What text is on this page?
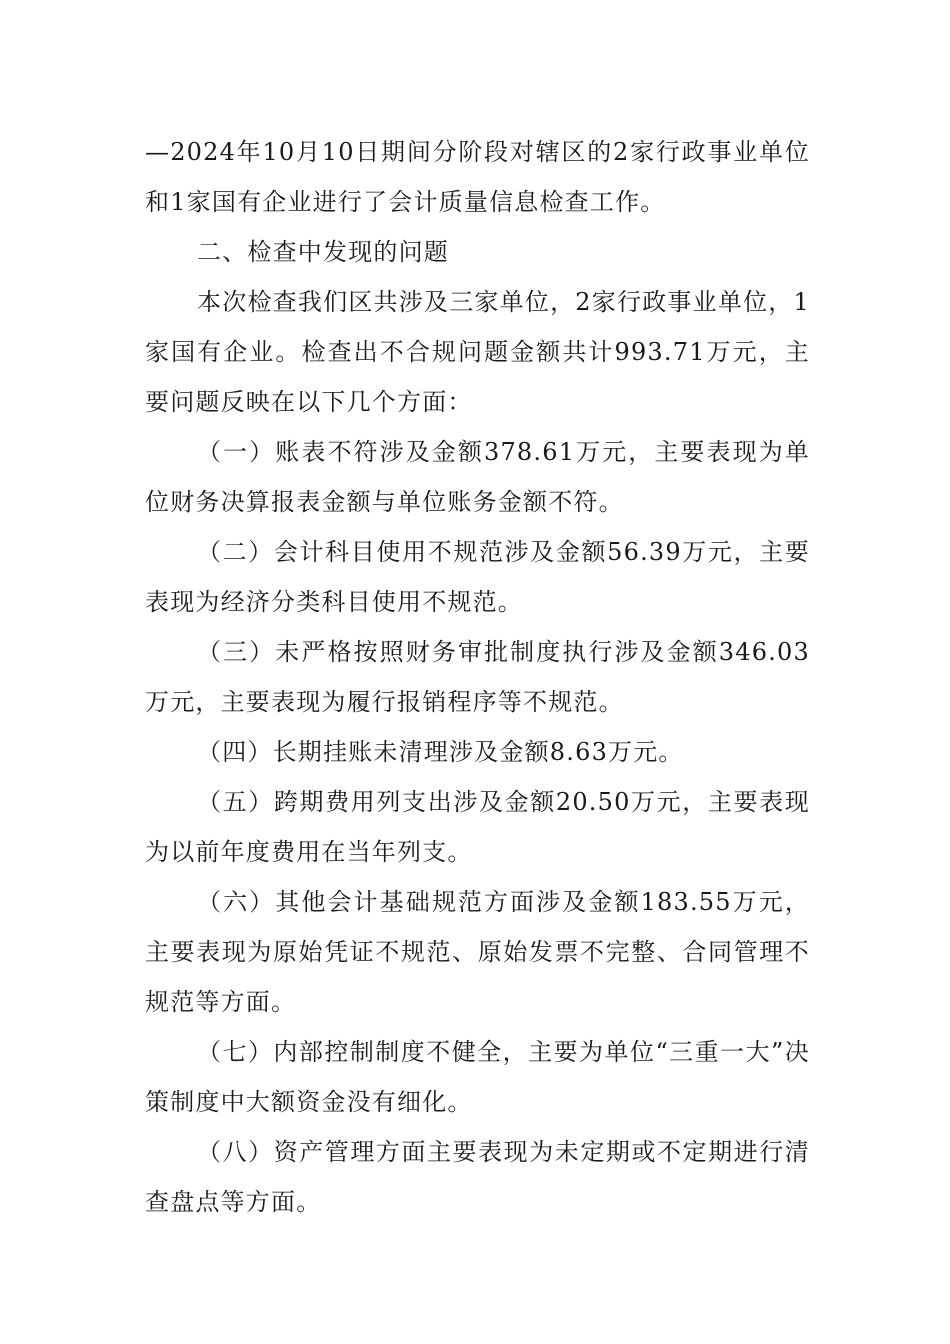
—2024年10月10日期间分阶段对辖区的2家行政事业单位和1家国有企业进行了会计质量信息检查工作。

二、检查中发现的问题

本次检查我们区共涉及三家单位，2家行政事业单位，1家国有企业。检查出不合规问题金额共计993.71万元，主要问题反映在以下几个方面：

（一）账表不符涉及金额378.61万元，主要表现为单位财务决算报表金额与单位账务金额不符。

（二）会计科目使用不规范涉及金额56.39万元，主要表现为经济分类科目使用不规范。

（三）未严格按照财务审批制度执行涉及金额346.03万元，主要表现为履行报销程序等不规范。

（四）长期挂账未清理涉及金额8.63万元。

（五）跨期费用列支出涉及金额20.50万元，主要表现为以前年度费用在当年列支。

（六）其他会计基础规范方面涉及金额183.55万元，主要表现为原始凭证不规范、原始发票不完整、合同管理不规范等方面。

（七）内部控制制度不健全，主要为单位“三重一大”决策制度中大额资金没有细化。

（八）资产管理方面主要表现为未定期或不定期进行清查盘点等方面。
